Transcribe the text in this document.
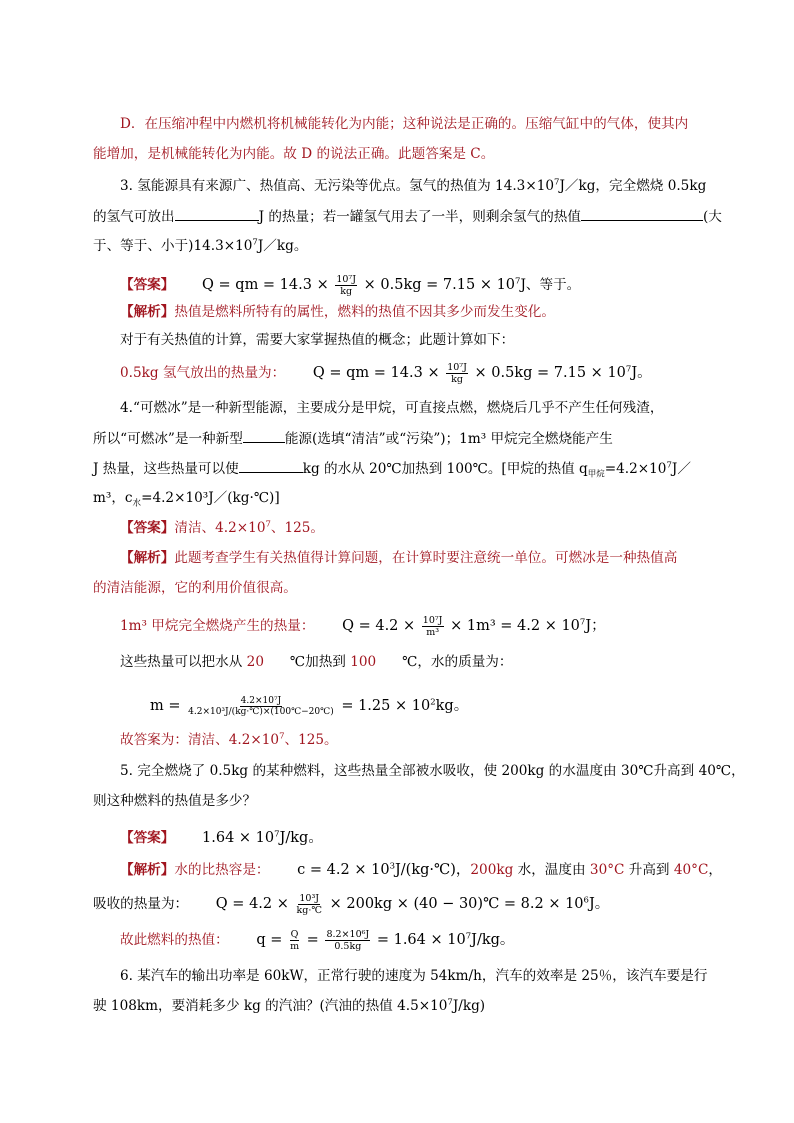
D．在压缩冲程中内燃机将机械能转化为内能；这种说法是正确的。压缩气缸中的气体，使其内
能增加，是机械能转化为内能。故 D 的说法正确。此题答案是 C。
3. 氢能源具有来源广、热值高、无污染等优点。氢气的热值为 $14.3\times 10^7J/kg$，完全燃烧 0.5kg
的氢气可放出	J 的热量；若一罐氢气用去了一半，则剩余氢气的热值	(大
于、等于、小于)$14.3\times 10^7J/kg$。
【答案】      Q = qm = $14.3 \times \frac{\text{10⁷J}}{kg} \times 0.5kg = 7.15 \times 10^7J$、等于。
【解析】热值是燃料所特有的属性，燃料的热值不因其多少而发生变化。
对于有关热值的计算，需要大家掌握热值的概念；此题计算如下：
0.5kg 氢气放出的热量为：      Q = qm = $14.3 \times \frac{\text{10⁷J}}{kg} \times 0.5kg = 7.15 \times 10^7J$。
4.“可燃冰”是一种新型能源，主要成分是甲烷，可直接点燃，燃烧后几乎不产生任何残渣，
所以“可燃冰”是一种新型	能源(选填“清洁”或“污染”)；1m³ 甲烷完全燃烧能产生
J 热量，这些热量可以使	kg 的水从 20℃加热到 100℃。[甲烷的热值 $q_{甲烷}=4.2\times 10^7J/$
m³，$c_水=4.2\times 10^3J/(kg\cdot℃)$]
【答案】清洁、$4.2\times 10^7$、125。
【解析】此题考查学生有关热值得计算问题，在计算时要注意统一单位。可燃冰是一种热值高
的清洁能源，它的利用价值很高。
1m³ 甲烷完全燃烧产生的热量：      $Q = 4.2 \times \frac{\text{10⁷J}}{\text{m³}} \times 1m^3 = 4.2 \times 10^7J$；
这些热量可以把水从 20      ℃加热到 100      ℃，水的质量为：
$m = \frac{\text{4.2×10⁷J}}{\text{4.2×10³J/(kg·℃)×(100℃−20℃)}} = 1.25 \times 10^2kg$。
故答案为：清洁、$4.2\times 10^7$、125。
5. 完全燃烧了 0.5kg 的某种燃料，这些热量全部被水吸收，使 200kg 的水温度由 30℃升高到 40℃，
则这种燃料的热值是多少？
【答案】      $1.64 \times 10^7J/kg$。
【解析】水的比热容是：      $c = 4.2 \times 10^3J/(kg\cdot℃)$，200kg 水，温度由 30°C 升高到 40°C，
吸收的热量为：      $Q = 4.2 \times \frac{\text{10³J}}{kg\cdot℃} \times 200kg \times (40$ − 30)℃ = $8.2 \times 10^6J$。
故此燃料的热值：      $q = \frac{Q}{m} = \frac{\text{8.2×10⁶J}}{0.5kg} = 1.64 \times 10^7J/kg$。
6. 某汽车的输出功率是 60kW，正常行驶的速度为 54km/h，汽车的效率是 25％，该汽车要是行
驶 108km，要消耗多少 kg 的汽油？(汽油的热值 $4.5\times 10^7J/kg$)
